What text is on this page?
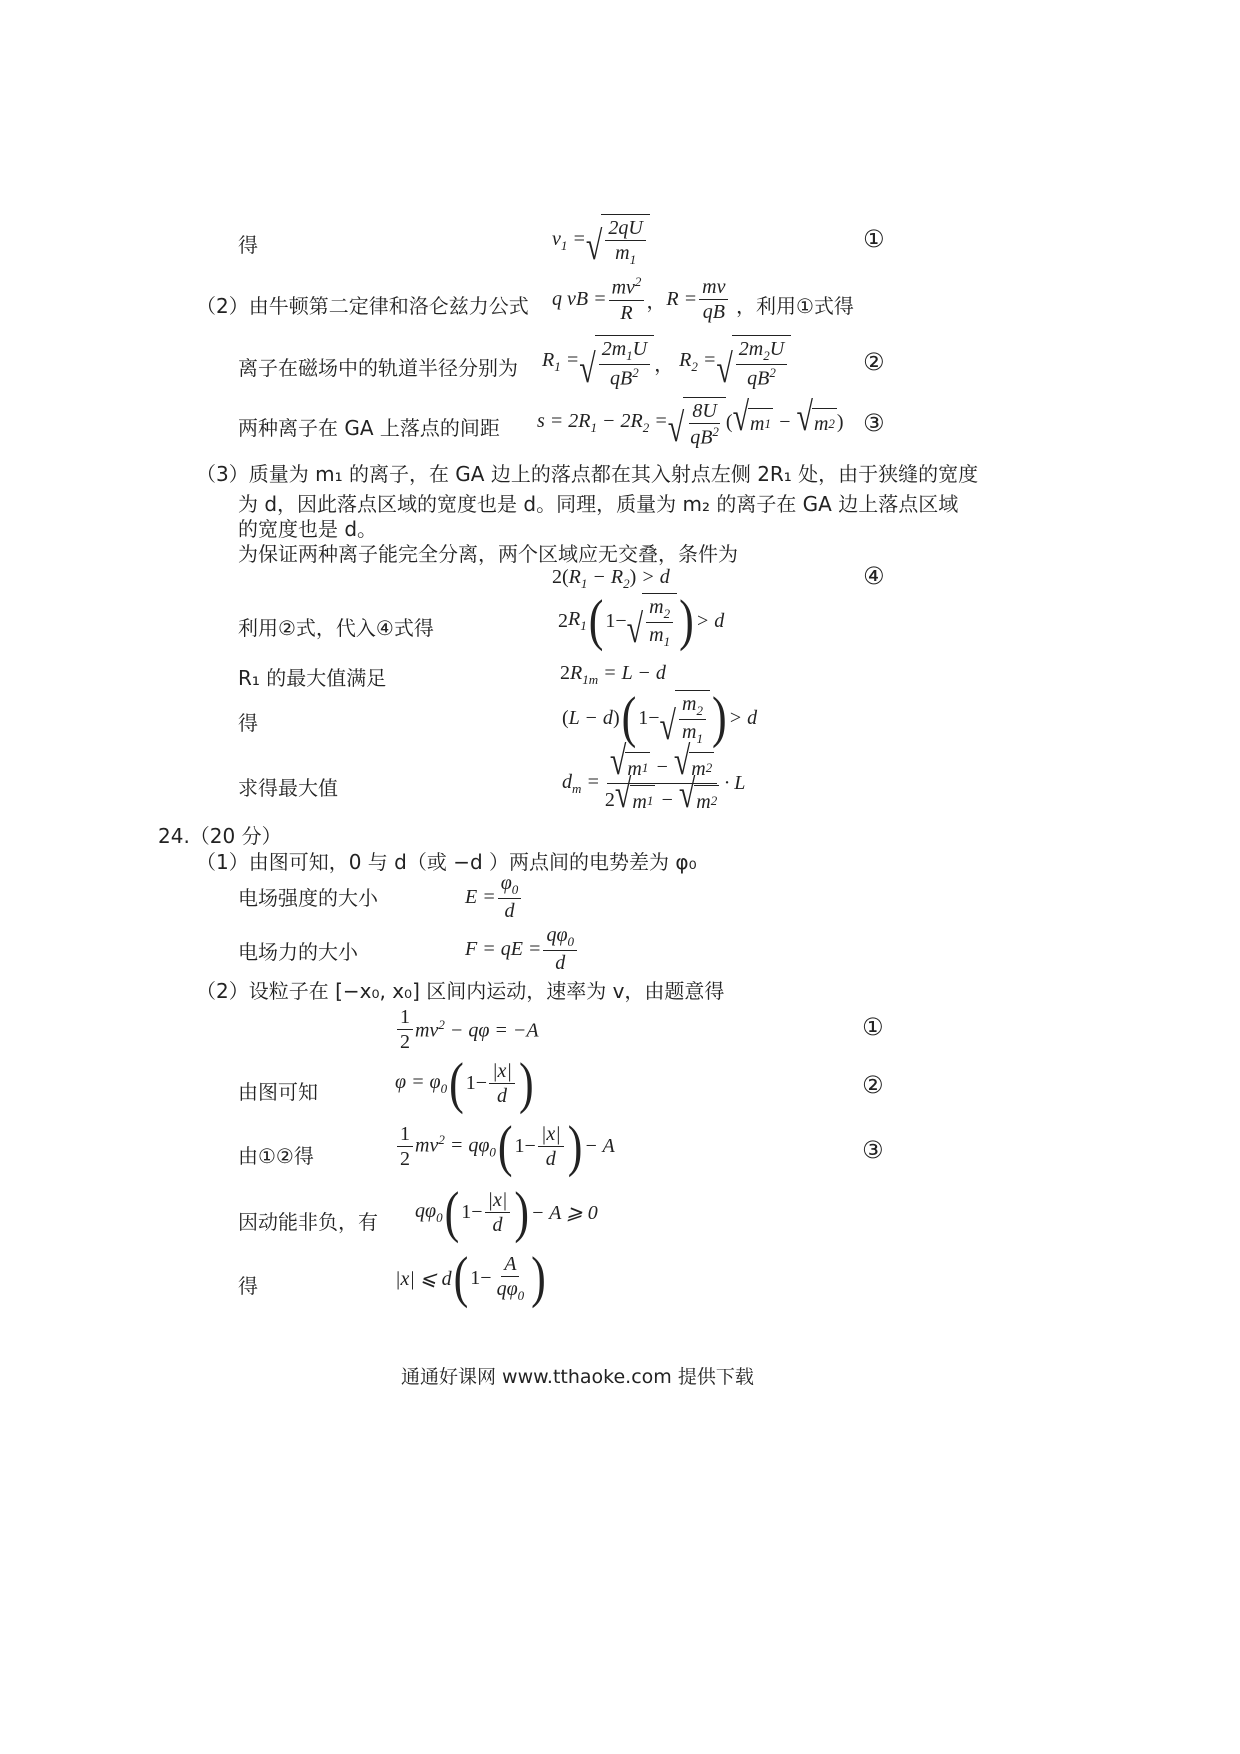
得	$v_1$ = √ $\frac{2qU}{m_1}$	①
（2）由牛顿第二定律和洛仑兹力公式 q vB = $\frac{mv^2}{R}$ ， $R = \frac{mv}{qB}$ ，利用①式得
离子在磁场中的轨道半径分别为 $R_1$ = √ $\frac{2m_1U}{qB^2}$ ， $R_2$ = √ $\frac{2m_2U}{qB^2}$	②
两种离子在 GA 上落点的间距 $s = 2R_1 - 2R_2$ = √ $\frac{8U}{qB^2}$ ( √ m 1 − √ m 2 ) ③
（3）质量为 m₁ 的离子，在 GA 边上的落点都在其入射点左侧 2R₁ 处，由于狭缝的宽度
为 d，因此落点区域的宽度也是 d。同理，质量为 m₂ 的离子在 GA 边上落点区域
的宽度也是 d。
为保证两种离子能完全分离，两个区域应无交叠，条件为
$2(R_1 - R_2) > d$	④
利用②式，代入④式得	2 $R_1$ ( 1− √ $\frac{m_2}{m_1}$ ) > d
R₁ 的最大值满足	$2R_{1m} = L - d$
得	( L − d ) ( 1− √ $\frac{m_2}{m_1}$ ) > d
求得最大值	$d_m = \frac{√ m 1 - √ m 2}{2 √ m 1 - √ m 2} \cdot L$
24.（20 分）
（1）由图可知，0 与 d（或 −d ）两点间的电势差为 φ₀
电场强度的大小	$E = \frac{\varphi_0}{d}$
电场力的大小	F = qE = $\frac{q\varphi_0}{d}$
（2）设粒子在 [−x₀, x₀] 区间内运动，速率为 v，由题意得
$\frac{1}{2} mv^2 - q\varphi = -A$	①
由图可知	$\varphi = \varphi_0$ ( $1- \frac{|x|}{d}$ )	②
由①②得	$\frac{1}{2} mv^2 = q\varphi_0$ ( $1- \frac{|x|}{d}$ ) − A	③
因动能非负，有 $q\varphi_0$ ( $1- \frac{|x|}{d}$ ) − A ⩾ 0
得	|x| ⩽ d ( $1- \frac{A}{q\varphi_0}$ )
通通好课网 www.tthaoke.com 提供下载
